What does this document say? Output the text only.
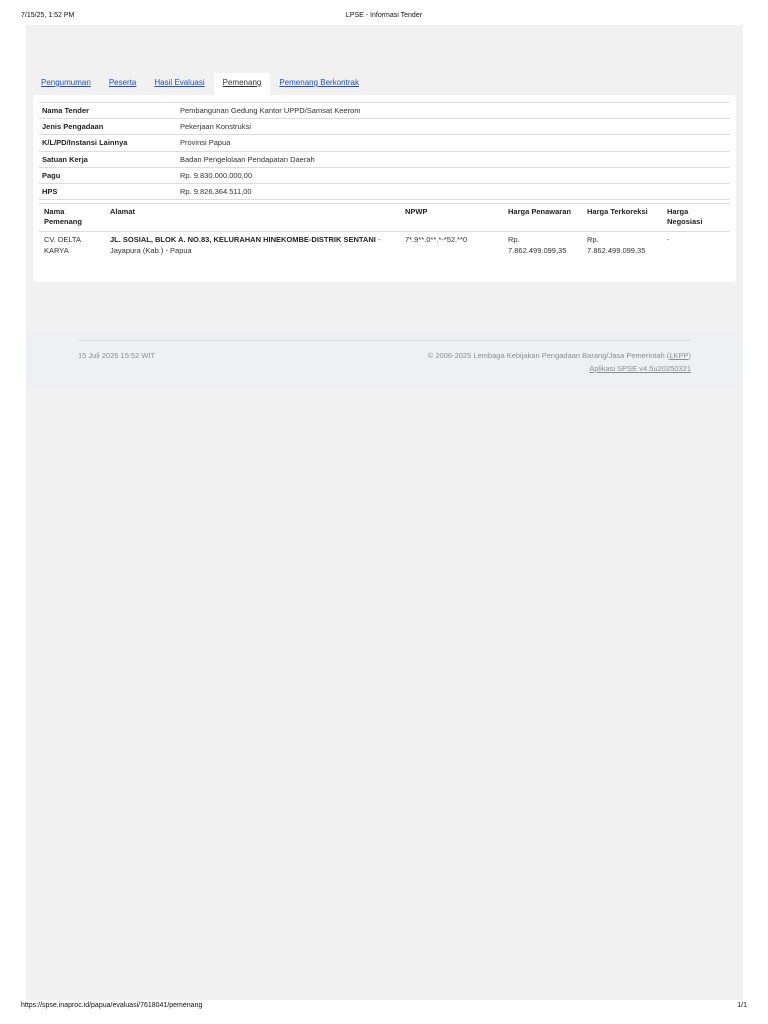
7/15/25, 1:52 PM	LPSE - Informasi Tender
Pengumuman	Peserta	Hasil Evaluasi	Pemenang	Pemenang Berkontrak
Nama Tender	Pembangunan Gedung Kantor UPPD/Samsat Keerom
Jenis Pengadaan	Pekerjaan Konstruksi
K/L/PD/Instansi Lainnya	Provinsi Papua
Satuan Kerja	Badan Pengelolaan Pendapatan Daerah
Pagu	Rp. 9.830.000.000,00
HPS	Rp. 9.826.364.511,00
Nama Pemenang	Alamat	NPWP	Harga Penawaran	Harga Terkoreksi	Harga Negosiasi
CV. DELTA KARYA	JL. SOSIAL, BLOK A. NO.83, KELURAHAN HINEKOMBE-DISTRIK SENTANI - Jayapura (Kab.) - Papua	7*.9**.0**.*-*52.**0	Rp. 7.862.499.099,35	Rp. 7.862.499.099,35	-
15 Juli 2025 15:52 WIT	© 2006-2025 Lembaga Kebijakan Pengadaan Barang/Jasa Pemerintah (LKPP)
Aplikasi SPSE v4.5u20250321
https://spse.inaproc.id/papua/evaluasi/7618041/pemenang	1/1
